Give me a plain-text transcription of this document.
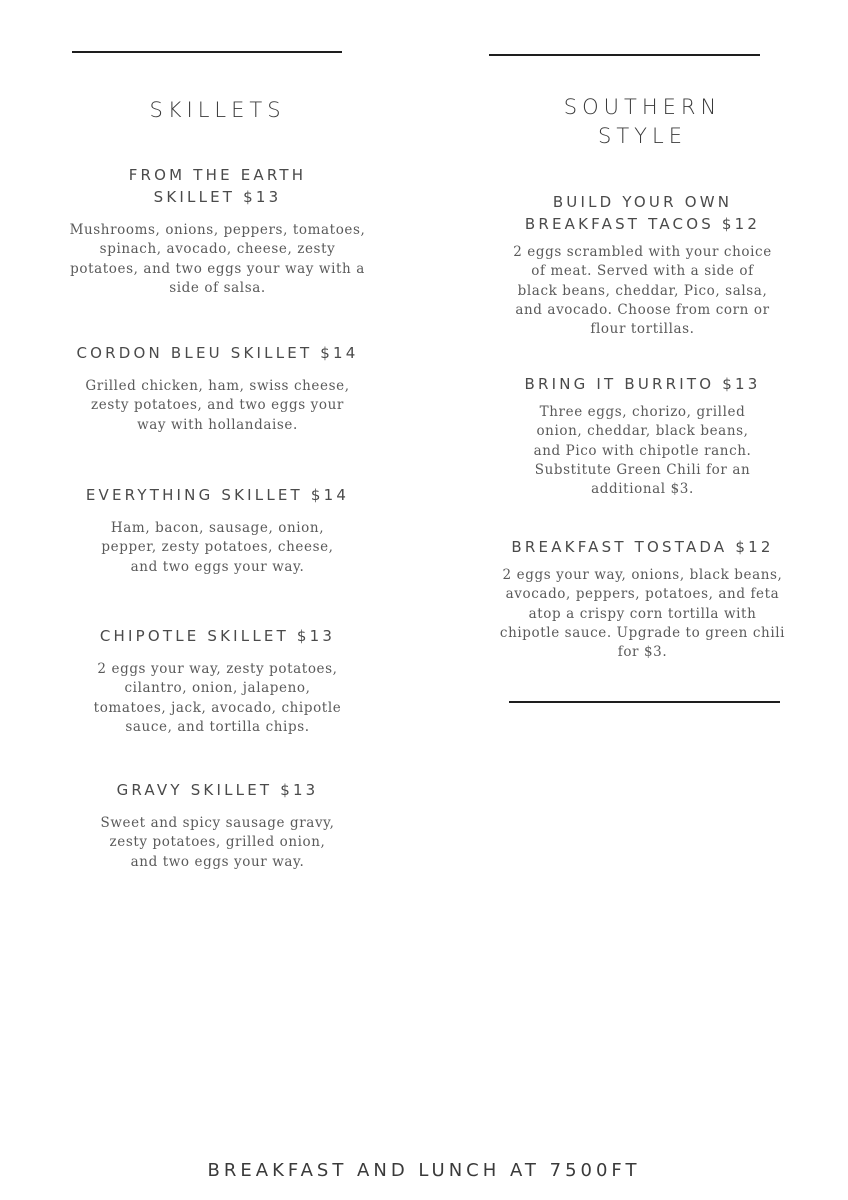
SKILLETS

FROM THE EARTH
SKILLET $13

Mushrooms, onions, peppers, tomatoes,
spinach, avocado, cheese, zesty
potatoes, and two eggs your way with a
side of salsa.

CORDON BLEU SKILLET $14

Grilled chicken, ham, swiss cheese,
zesty potatoes, and two eggs your
way with hollandaise.

EVERYTHING SKILLET $14

Ham, bacon, sausage, onion,
pepper, zesty potatoes, cheese,
and two eggs your way.

CHIPOTLE SKILLET $13

2 eggs your way, zesty potatoes,
cilantro, onion, jalapeno,
tomatoes, jack, avocado, chipotle
sauce, and tortilla chips.

GRAVY SKILLET $13

Sweet and spicy sausage gravy,
zesty potatoes, grilled onion,
and two eggs your way.

SOUTHERN
STYLE

BUILD YOUR OWN
BREAKFAST TACOS $12

2 eggs scrambled with your choice
of meat. Served with a side of
black beans, cheddar, Pico, salsa,
and avocado. Choose from corn or
flour tortillas.

BRING IT BURRITO $13

Three eggs, chorizo, grilled
onion, cheddar, black beans,
and Pico with chipotle ranch.
Substitute Green Chili for an
additional $3.

BREAKFAST TOSTADA $12

2 eggs your way, onions, black beans,
avocado, peppers, potatoes, and feta
atop a crispy corn tortilla with
chipotle sauce. Upgrade to green chili
for $3.

BREAKFAST AND LUNCH AT 7500FT
